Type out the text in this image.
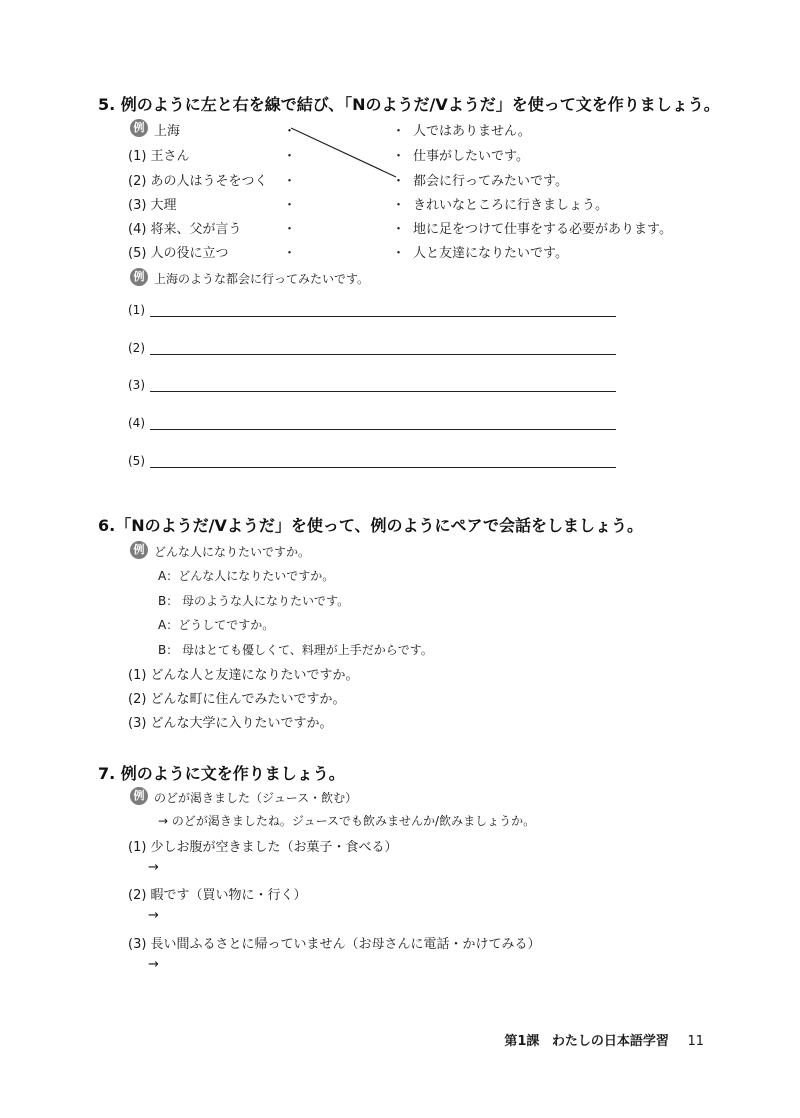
5. 例のように左と右を線で結び、「Nのようだ/Vようだ」を使って文を作りましょう。
例 上海
(1) 王さん
(2) あの人はうそをつく
(3) 大理
(4) 将来、父が言う
(5) 人の役に立つ
・
・
・
・
・
・
・
・
・
・
・
・
人ではありません。
仕事がしたいです。
都会に行ってみたいです。
きれいなところに行きましょう。
地に足をつけて仕事をする必要があります。
人と友達になりたいです。
例 上海のような都会に行ってみたいです。
(1)
(2)
(3)
(4)
(5)
6.「Nのようだ/Vようだ」を使って、例のようにペアで会話をしましょう。
例 どんな人になりたいですか。
A：どんな人になりたいですか。
B： 母のような人になりたいです。
A：どうしてですか。
B： 母はとても優しくて、料理が上手だからです。
(1) どんな人と友達になりたいですか。
(2) どんな町に住んでみたいですか。
(3) どんな大学に入りたいですか。
7. 例のように文を作りましょう。
例 のどが渇きました（ジュース・飲む）
→ のどが渇きましたね。ジュースでも飲みませんか/飲みましょうか。
(1) 少しお腹が空きました（お菓子・食べる）
→
(2) 暇です（買い物に・行く）
→
(3) 長い間ふるさとに帰っていません（お母さんに電話・かけてみる）
→
第1課 わたしの日本語学習 11
